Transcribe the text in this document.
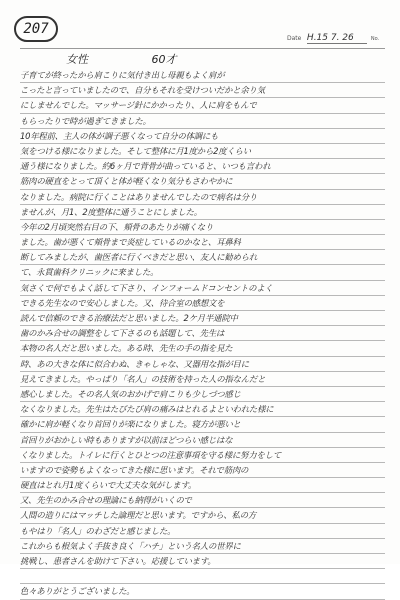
207
Date H.15 7. 26	No.
女性	60才
子育てが終ったから肩こりに気付き出し母親もよく肩が
こったと言っていましたので、自分もそれを受けついだかと余り気
にしませんでした。マッサージ針にかかったり、人に肩をもんで
もらったりで時が過ぎてきました。
10年程前、主人の体が調子悪くなって自分の体調にも
気をつける様になりました。そして整体に月1度から2度くらい
通う様になりました。約6ヶ月で背骨が曲っていると、いつも言われ
筋肉の硬直をとって頂くと体が軽くなり気分もさわやかに
なりました。病院に行くことはありませんでしたので病名は分り
ませんが、月1、2度整体に通うことにしました。
今年の2月頃突然右目の下、頬骨のあたりが痛くなり
ました。歯が悪くて頬骨まで炎症しているのかなと、耳鼻科
断してみましたが、歯医者に行くべきだと思い、友人に勧められ
て、永貫歯科クリニックに来ました。
気さくで何でもよく話して下さり、インフォームドコンセントのよく
できる先生なので安心しました。又、待合室の感想文を
読んで信頼のできる治療法だと思いました。2ケ月半通院中
歯のかみ合せの調整をして下さるのも話題して、先生は
本物の名人だと思いました。ある時、先生の手の指を見た
時、あの大きな体に似合わぬ、きゃしゃな、又器用な指が目に
見えてきました。やっぱり「名人」の技術を持った人の指なんだと
感心しました。その名人気のおかげで肩こりも少しづつ感じ
なくなりました。先生はたびたび肩の痛みはとれるよといわれた様に
確かに肩が軽くなり首回りが楽になりました。寝方が悪いと
首回りがおかしい時もありますが以前ほどつらい感じはな
くなりました。トイレに行くとひとつの注意事項を守る様に努力をして
いますので姿勢もよくなってきた様に思います。それで筋肉の
硬直はとれ月1度くらいで大丈夫な気がします。
又、先生のかみ合せの理論にも納得がいくので
人間の造りにはマッチした論理だと思います。ですから、私の方
もやはり「名人」のわざだと感じました。
これからも根気よく手抜き良く「ハチ」という名人の世界に
挑戦し、患者さんを助けて下さい。応援しています。
色々ありがとうございました。
